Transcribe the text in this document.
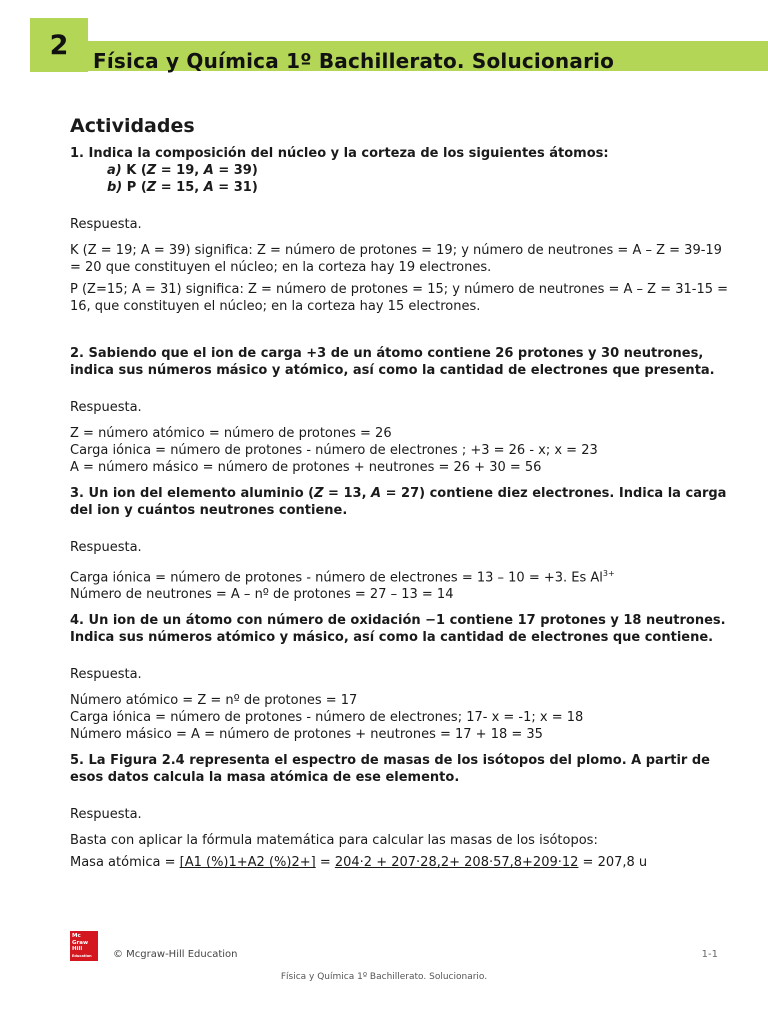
2
Física y Química 1º Bachillerato. Solucionario
Actividades

1. Indica la composición del núcleo y la corteza de los siguientes átomos:

a) K (Z = 19, A = 39)

b) P (Z = 15, A = 31)

Respuesta.

K (Z = 19; A = 39) significa: Z = número de protones = 19; y número de neutrones = A – Z = 39-19 = 20 que constituyen el núcleo; en la corteza hay 19 electrones.

P (Z=15; A = 31) significa: Z = número de protones = 15; y número de neutrones = A – Z = 31-15 = 16, que constituyen el núcleo; en la corteza hay 15 electrones.

2. Sabiendo que el ion de carga +3 de un átomo contiene 26 protones y 30 neutrones, indica sus números másico y atómico, así como la cantidad de electrones que presenta.

Respuesta.

Z = número atómico = número de protones = 26

Carga iónica = número de protones - número de electrones ; +3 = 26 - x; x = 23

A = número másico = número de protones + neutrones = 26 + 30 = 56

3. Un ion del elemento aluminio (Z = 13, A = 27) contiene diez electrones. Indica la carga del ion y cuántos neutrones contiene.

Respuesta.

Carga iónica = número de protones - número de electrones = 13 – 10 = +3. Es $Al^{3+}$

Número de neutrones = A – nº de protones = 27 – 13 = 14

4. Un ion de un átomo con número de oxidación −1 contiene 17 protones y 18 neutrones. Indica sus números atómico y másico, así como la cantidad de electrones que contiene.

Respuesta.

Número atómico = Z = nº de protones = 17

Carga iónica = número de protones - número de electrones; 17- x = -1; x = 18

Número másico = A = número de protones + neutrones = 17 + 18 = 35

5. La Figura 2.4 representa el espectro de masas de los isótopos del plomo. A partir de esos datos calcula la masa atómica de ese elemento.

Respuesta.

Basta con aplicar la fórmula matemática para calcular las masas de los isótopos:

Masa atómica = [A1 (%)1+A2 (%)2+] = 204·2 + 207·28,2+ 208·57,8+209·12 = 207,8 u

Mc
Graw
Hill
Education	© Mcgraw-Hill Education	1-1
Física y Química 1º Bachillerato. Solucionario.
